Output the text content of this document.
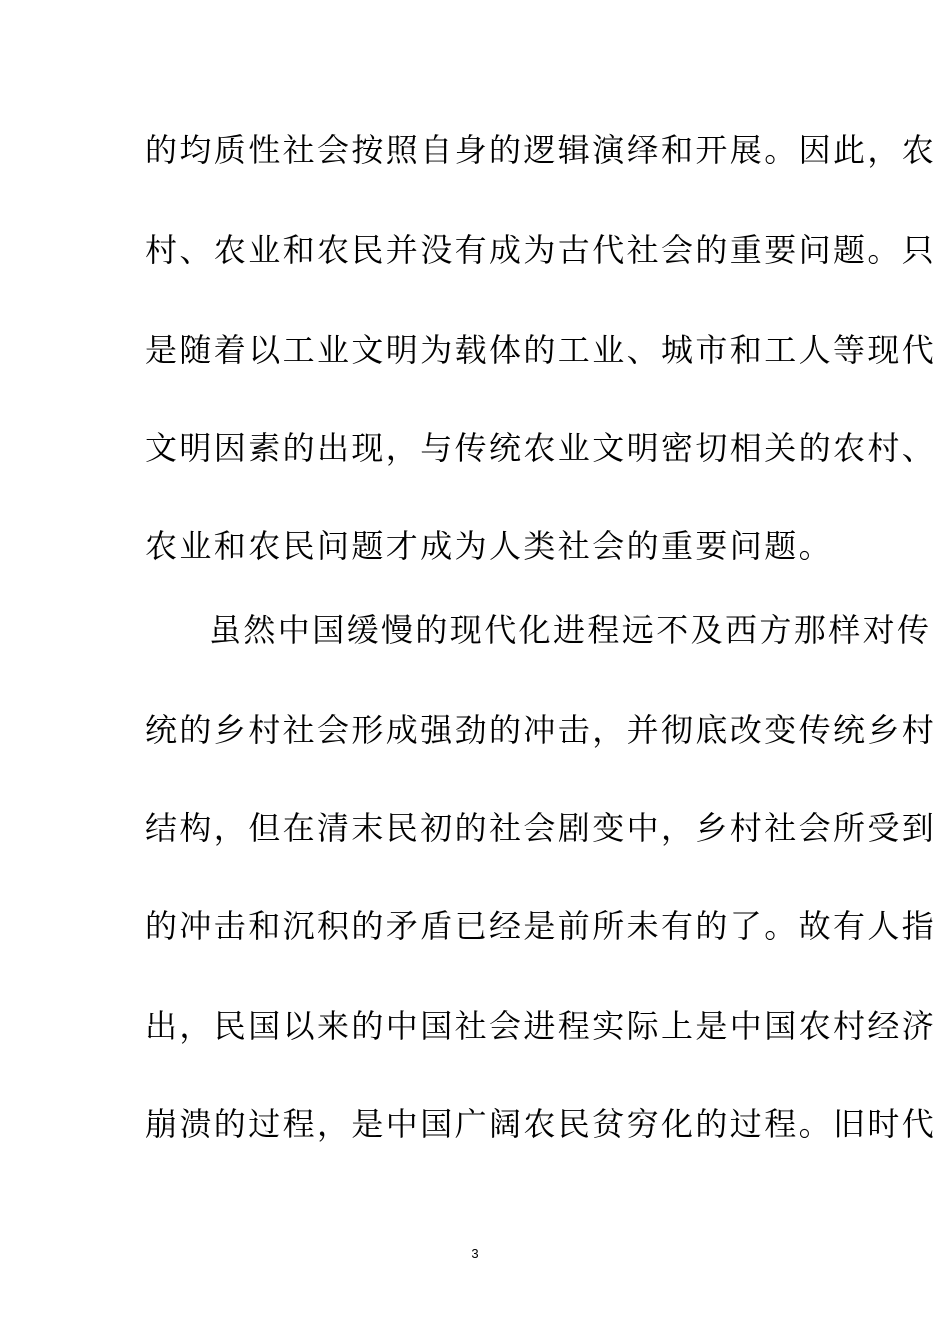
的均质性社会按照自身的逻辑演绎和开展。因此，农
村、农业和农民并没有成为古代社会的重要问题。只
是随着以工业文明为载体的工业、城市和工人等现代
文明因素的出现，与传统农业文明密切相关的农村、
农业和农民问题才成为人类社会的重要问题。
虽然中国缓慢的现代化进程远不及西方那样对传
统的乡村社会形成强劲的冲击，并彻底改变传统乡村
结构，但在清末民初的社会剧变中，乡村社会所受到
的冲击和沉积的矛盾已经是前所未有的了。故有人指
出，民国以来的中国社会进程实际上是中国农村经济
崩溃的过程，是中国广阔农民贫穷化的过程。旧时代
3
